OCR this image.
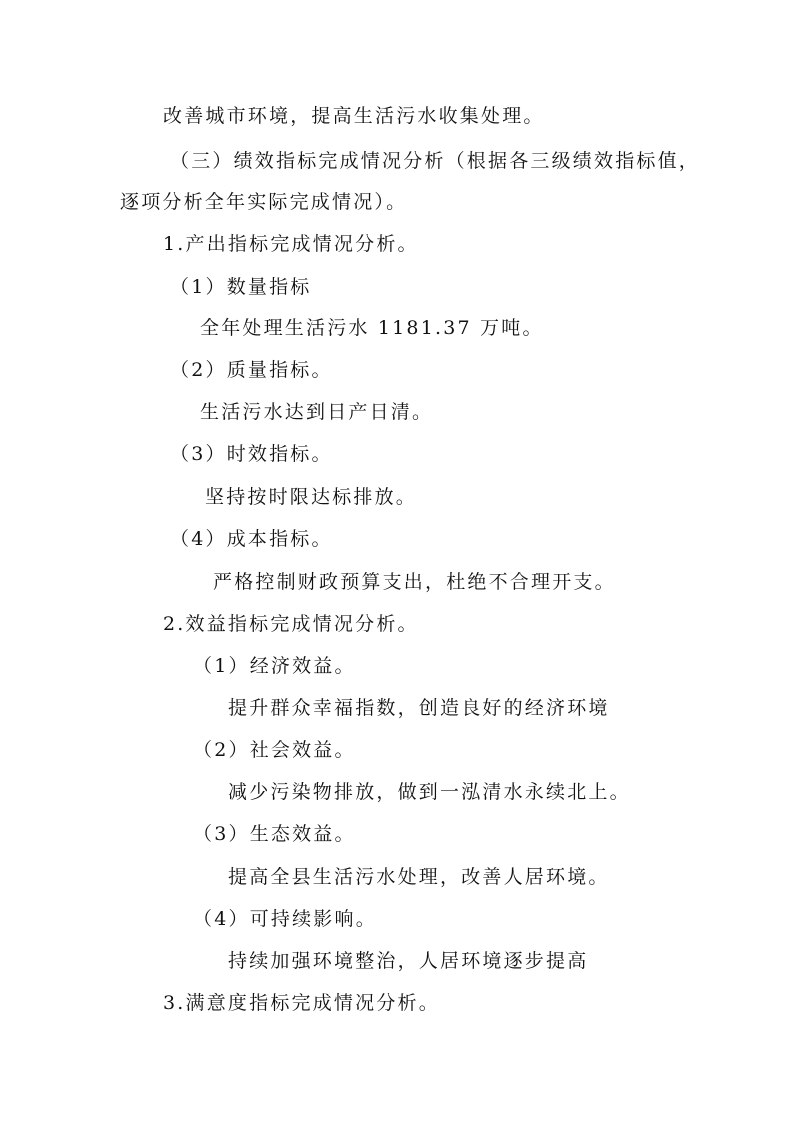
改善城市环境，提高生活污水收集处理。
（三）绩效指标完成情况分析（根据各三级绩效指标值，
逐项分析全年实际完成情况）。
1.产出指标完成情况分析。
（1）数量指标
全年处理生活污水 1181.37 万吨。
（2）质量指标。
生活污水达到日产日清。
（3）时效指标。
坚持按时限达标排放。
（4）成本指标。
严格控制财政预算支出，杜绝不合理开支。
2.效益指标完成情况分析。
（1）经济效益。
提升群众幸福指数，创造良好的经济环境
（2）社会效益。
减少污染物排放，做到一泓清水永续北上。
（3）生态效益。
提高全县生活污水处理，改善人居环境。
（4）可持续影响。
持续加强环境整治，人居环境逐步提高
3.满意度指标完成情况分析。
